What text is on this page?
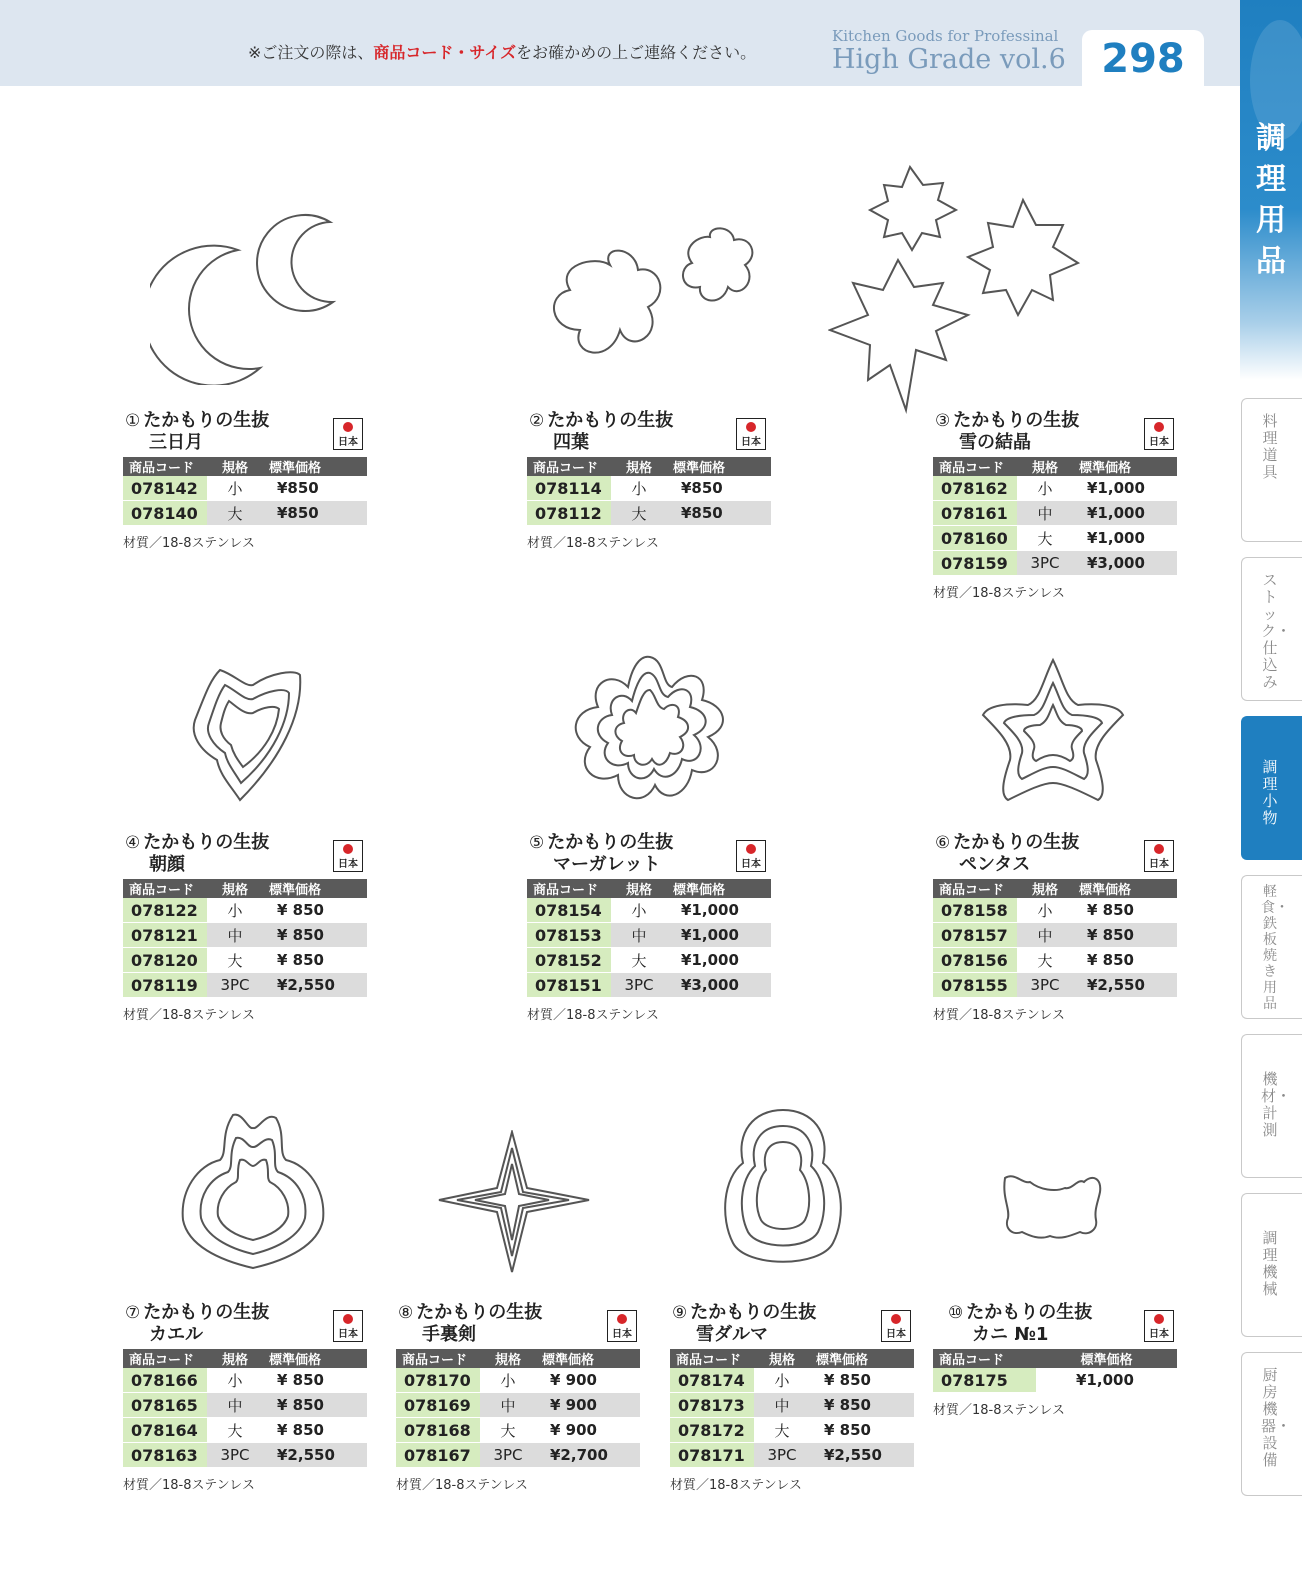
※ご注文の際は、商品コード・サイズをお確かめの上ご連絡ください。
Kitchen Goods for Professinal
High Grade vol.6 298
調理用品
料理道具
ストック・仕込み
調理小物
軽食・鉄板焼き用品
機材・計測
調理機械
厨房機器・設備
① たかもりの生抜
三日月	日本
商品コード	規格	標準価格
078142	小	¥850
078140	大	¥850
材質／18-8ステンレス
② たかもりの生抜
四葉	日本
商品コード	規格	標準価格
078114	小	¥850
078112	大	¥850
材質／18-8ステンレス
③ たかもりの生抜
雪の結晶	日本
商品コード	規格	標準価格
078162	小	¥1,000
078161	中	¥1,000
078160	大	¥1,000
078159	3PC	¥3,000
材質／18-8ステンレス
④ たかもりの生抜
朝顔	日本
商品コード	規格	標準価格
078122	小	¥ 850
078121	中	¥ 850
078120	大	¥ 850
078119	3PC	¥2,550
材質／18-8ステンレス
⑤ たかもりの生抜
マーガレット	日本
商品コード	規格	標準価格
078154	小	¥1,000
078153	中	¥1,000
078152	大	¥1,000
078151	3PC	¥3,000
材質／18-8ステンレス
⑥ たかもりの生抜
ペンタス	日本
商品コード	規格	標準価格
078158	小	¥ 850
078157	中	¥ 850
078156	大	¥ 850
078155	3PC	¥2,550
材質／18-8ステンレス
⑦ たかもりの生抜
カエル	日本
商品コード	規格	標準価格
078166	小	¥ 850
078165	中	¥ 850
078164	大	¥ 850
078163	3PC	¥2,550
材質／18-8ステンレス
⑧ たかもりの生抜
手裏剣	日本
商品コード	規格	標準価格
078170	小	¥ 900
078169	中	¥ 900
078168	大	¥ 900
078167	3PC	¥2,700
材質／18-8ステンレス
⑨ たかもりの生抜
雪ダルマ	日本
商品コード	規格	標準価格
078174	小	¥ 850
078173	中	¥ 850
078172	大	¥ 850
078171	3PC	¥2,550
材質／18-8ステンレス
⑩ たかもりの生抜
カニ №1	日本
商品コード	標準価格
078175	¥1,000
材質／18-8ステンレス
